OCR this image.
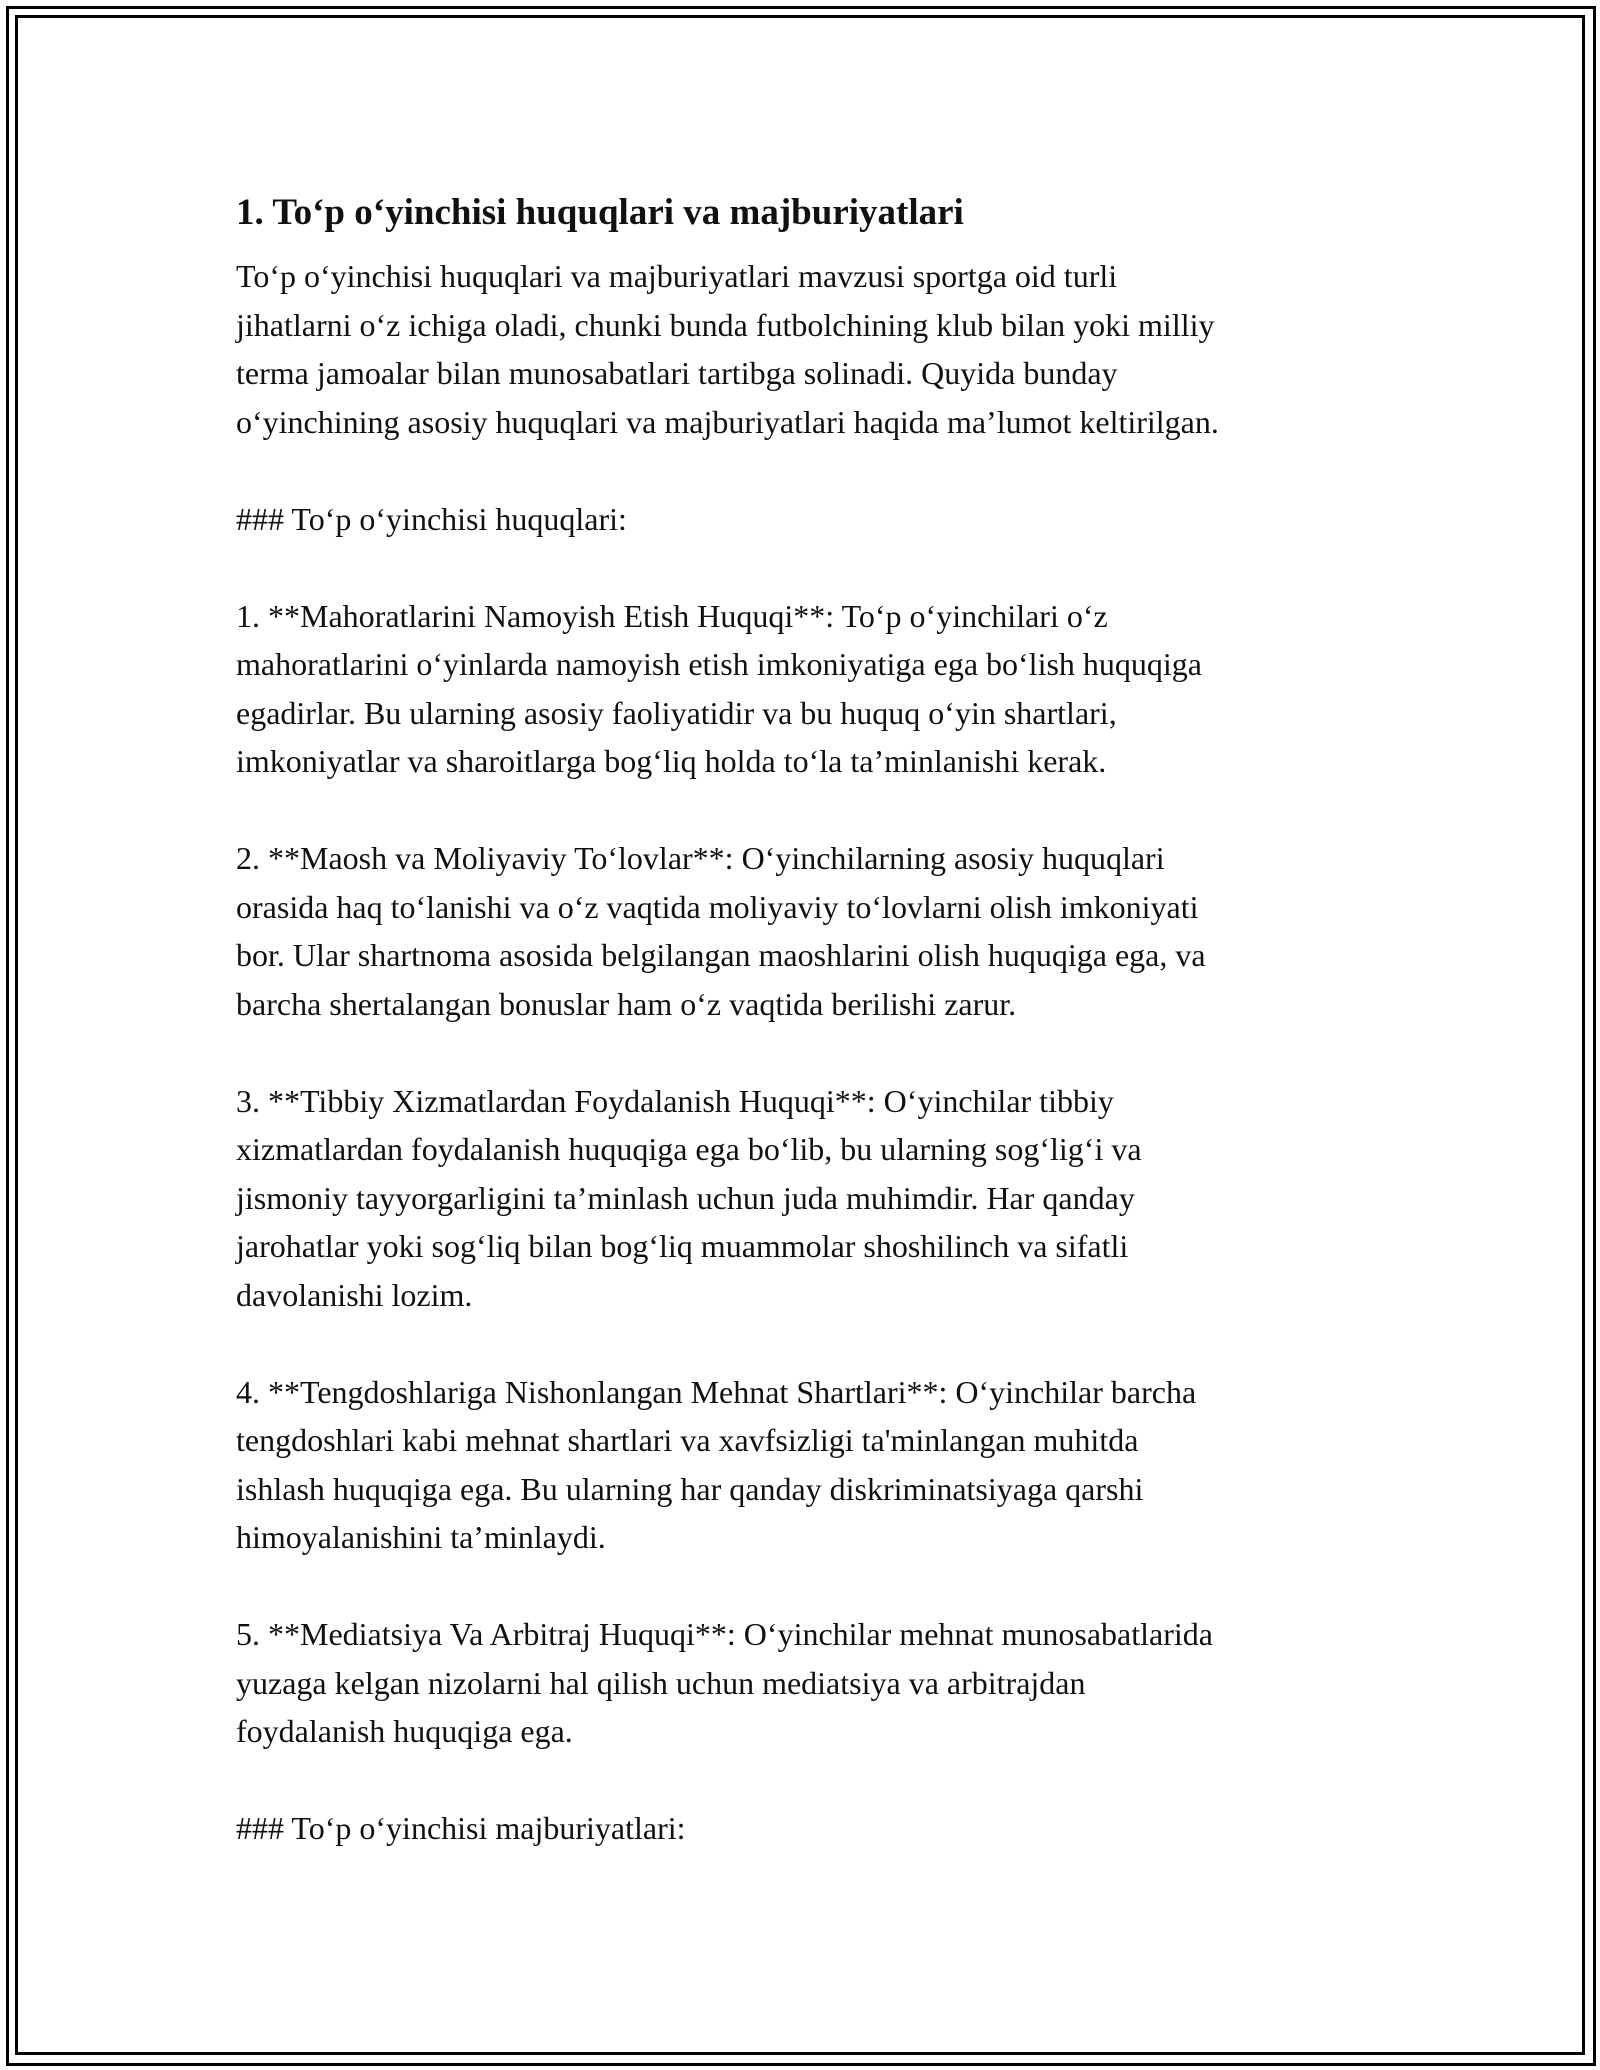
1. To‘p o‘yinchisi huquqlari va majburiyatlari
To‘p o‘yinchisi huquqlari va majburiyatlari mavzusi sportga oid turli
jihatlarni o‘z ichiga oladi, chunki bunda futbolchining klub bilan yoki milliy
terma jamoalar bilan munosabatlari tartibga solinadi. Quyida bunday
o‘yinchining asosiy huquqlari va majburiyatlari haqida ma’lumot keltirilgan.
### To‘p o‘yinchisi huquqlari:
1. **Mahoratlarini Namoyish Etish Huquqi**: To‘p o‘yinchilari o‘z
mahoratlarini o‘yinlarda namoyish etish imkoniyatiga ega bo‘lish huquqiga
egadirlar. Bu ularning asosiy faoliyatidir va bu huquq o‘yin shartlari,
imkoniyatlar va sharoitlarga bog‘liq holda to‘la ta’minlanishi kerak.
2. **Maosh va Moliyaviy To‘lovlar**: O‘yinchilarning asosiy huquqlari
orasida haq to‘lanishi va o‘z vaqtida moliyaviy to‘lovlarni olish imkoniyati
bor. Ular shartnoma asosida belgilangan maoshlarini olish huquqiga ega, va
barcha shertalangan bonuslar ham o‘z vaqtida berilishi zarur.
3. **Tibbiy Xizmatlardan Foydalanish Huquqi**: O‘yinchilar tibbiy
xizmatlardan foydalanish huquqiga ega bo‘lib, bu ularning sog‘lig‘i va
jismoniy tayyorgarligini ta’minlash uchun juda muhimdir. Har qanday
jarohatlar yoki sog‘liq bilan bog‘liq muammolar shoshilinch va sifatli
davolanishi lozim.
4. **Tengdoshlariga Nishonlangan Mehnat Shartlari**: O‘yinchilar barcha
tengdoshlari kabi mehnat shartlari va xavfsizligi ta'minlangan muhitda
ishlash huquqiga ega. Bu ularning har qanday diskriminatsiyaga qarshi
himoyalanishini ta’minlaydi.
5. **Mediatsiya Va Arbitraj Huquqi**: O‘yinchilar mehnat munosabatlarida
yuzaga kelgan nizolarni hal qilish uchun mediatsiya va arbitrajdan
foydalanish huquqiga ega.
### To‘p o‘yinchisi majburiyatlari:
